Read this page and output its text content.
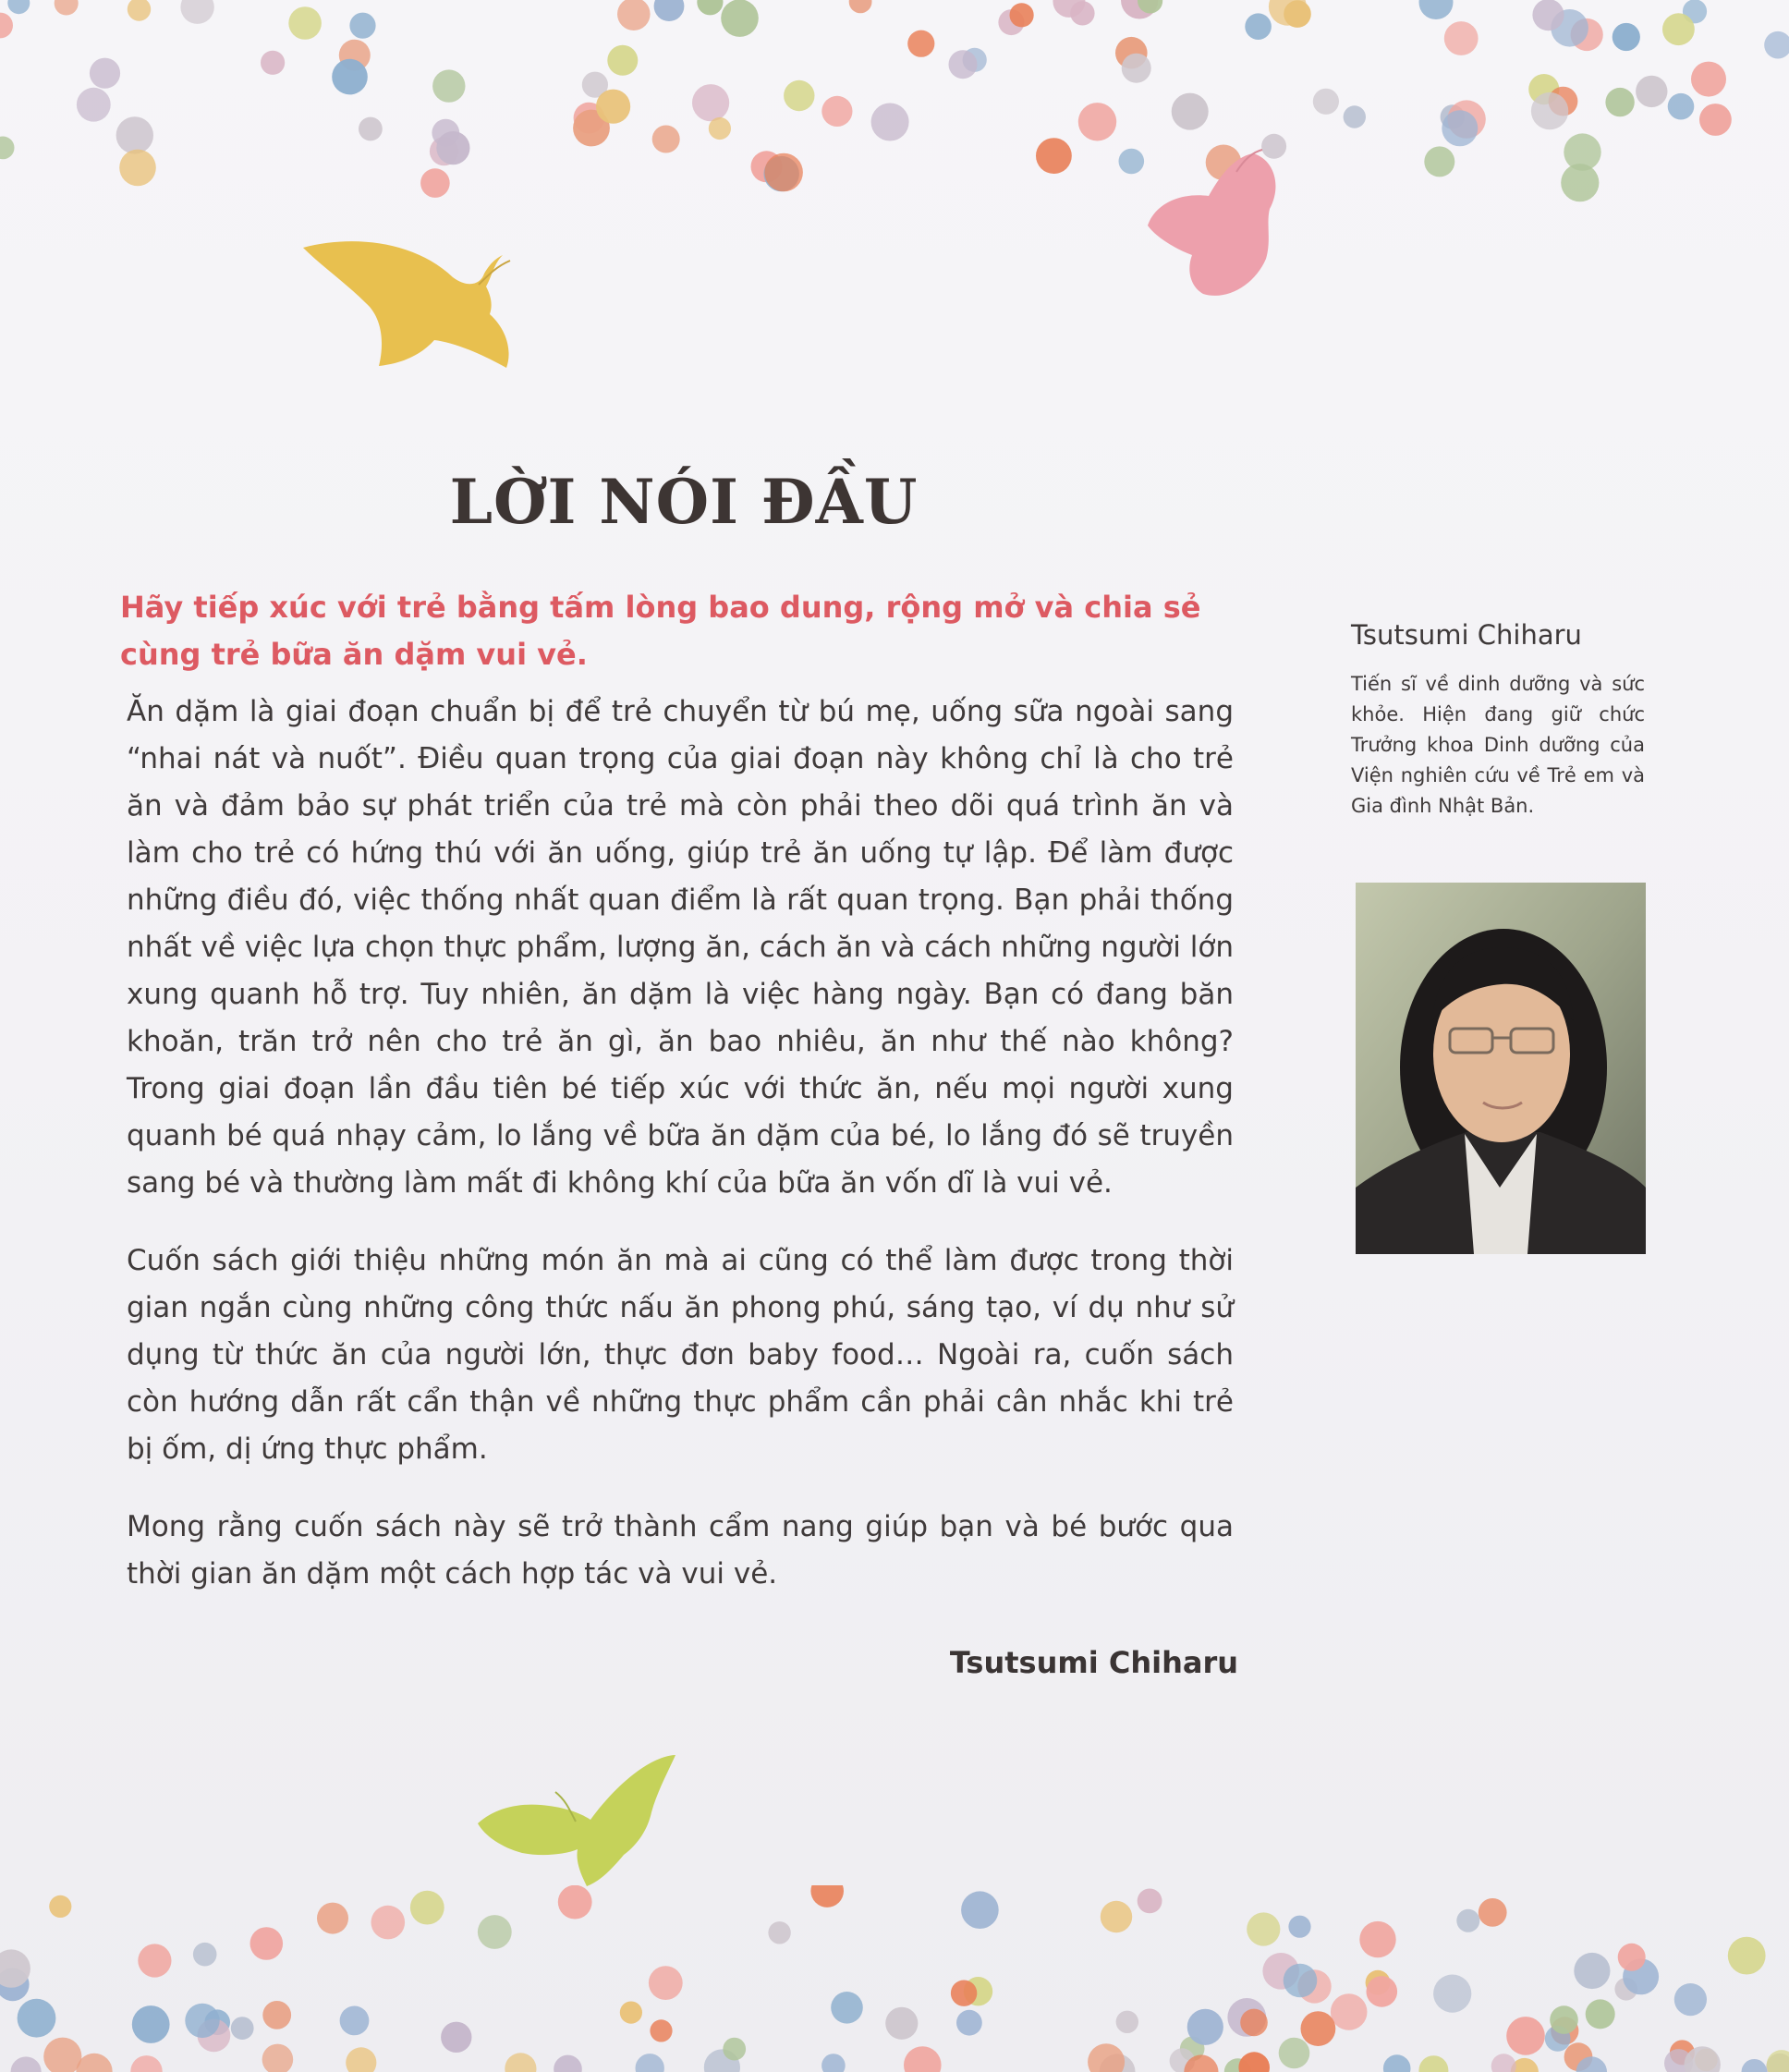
LỜI NÓI ĐẦU
Hãy tiếp xúc với trẻ bằng tấm lòng bao dung, rộng mở và chia sẻ cùng trẻ bữa ăn dặm vui vẻ.

Ăn dặm là giai đoạn chuẩn bị để trẻ chuyển từ bú mẹ, uống sữa ngoài sang “nhai nát và nuốt”. Điều quan trọng của giai đoạn này không chỉ là cho trẻ ăn và đảm bảo sự phát triển của trẻ mà còn phải theo dõi quá trình ăn và làm cho trẻ có hứng thú với ăn uống, giúp trẻ ăn uống tự lập. Để làm được những điều đó, việc thống nhất quan điểm là rất quan trọng. Bạn phải thống nhất về việc lựa chọn thực phẩm, lượng ăn, cách ăn và cách những người lớn xung quanh hỗ trợ. Tuy nhiên, ăn dặm là việc hàng ngày. Bạn có đang băn khoăn, trăn trở nên cho trẻ ăn gì, ăn bao nhiêu, ăn như thế nào không? Trong giai đoạn lần đầu tiên bé tiếp xúc với thức ăn, nếu mọi người xung quanh bé quá nhạy cảm, lo lắng về bữa ăn dặm của bé, lo lắng đó sẽ truyền sang bé và thường làm mất đi không khí của bữa ăn vốn dĩ là vui vẻ.

Cuốn sách giới thiệu những món ăn mà ai cũng có thể làm được trong thời gian ngắn cùng những công thức nấu ăn phong phú, sáng tạo, ví dụ như sử dụng từ thức ăn của người lớn, thực đơn baby food… Ngoài ra, cuốn sách còn hướng dẫn rất cẩn thận về những thực phẩm cần phải cân nhắc khi trẻ bị ốm, dị ứng thực phẩm.

Mong rằng cuốn sách này sẽ trở thành cẩm nang giúp bạn và bé bước qua thời gian ăn dặm một cách hợp tác và vui vẻ.

Tsutsumi Chiharu
Tsutsumi Chiharu
Tiến sĩ về dinh dưỡng và sức khỏe. Hiện đang giữ chức Trưởng khoa Dinh dưỡng của Viện nghiên cứu về Trẻ em và Gia đình Nhật Bản.
